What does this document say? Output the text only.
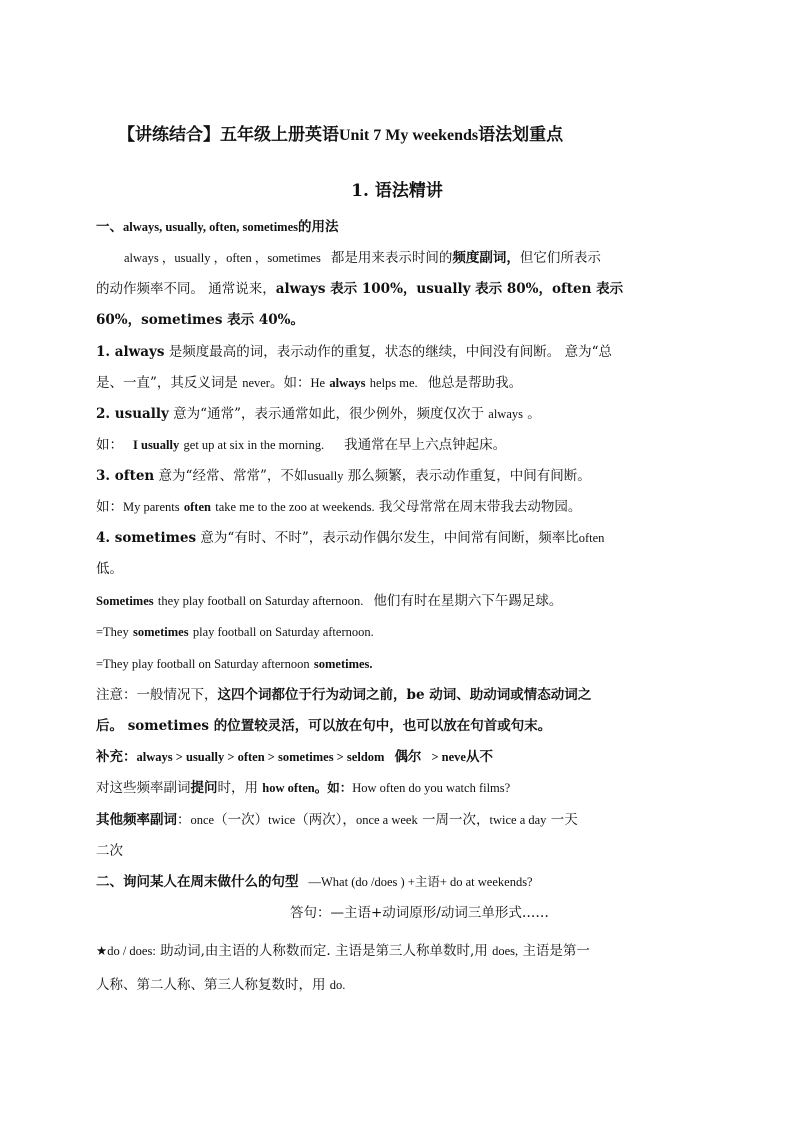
【讲练结合】五年级上册英语Unit 7 My weekends语法划重点
1. 语法精讲
一、always, usually, often, sometimes的用法
always ，usually ，often ，sometimes 都是用来表示时间的频度副词，但它们所表示
的动作频率不同。 通常说来，always 表示 100%，usually 表示 80%，often 表示
60%，sometimes 表示 40%。
1. always 是频度最高的词，表示动作的重复，状态的继续，中间没有间断。 意为“总
是、一直”，其反义词是 never。如：He always helps me. 他总是帮助我。
2. usually 意为“通常”，表示通常如此，很少例外，频度仅次于 always 。
如： I usually get up at six in the morning. 我通常在早上六点钟起床。
3. often 意为“经常、常常”，不如usually 那么频繁，表示动作重复，中间有间断。
如：My parents often take me to the zoo at weekends. 我父母常常在周末带我去动物园。
4. sometimes 意为“有时、不时”，表示动作偶尔发生，中间常有间断，频率比often
低。
Sometimes they play football on Saturday afternoon. 他们有时在星期六下午踢足球。
=They sometimes play football on Saturday afternoon.
=They play football on Saturday afternoon sometimes.
注意：一般情况下，这四个词都位于行为动词之前，be 动词、助动词或情态动词之
后。 sometimes 的位置较灵活，可以放在句中，也可以放在句首或句末。
补充：always > usually > often > sometimes > seldom 偶尔 > neve从不
对这些频率副词提问时，用 how often。如：How often do you watch films?
其他频率副词：once（一次）twice（两次），once a week 一周一次，twice a day 一天
二次
二、询问某人在周末做什么的句型 —What (do /does ) +主语+ do at weekends?
答句：—主语+动词原形/动词三单形式……
★do / does: 助动词,由主语的人称数而定. 主语是第三人称单数时,用 does, 主语是第一
人称、第二人称、第三人称复数时，用 do.
